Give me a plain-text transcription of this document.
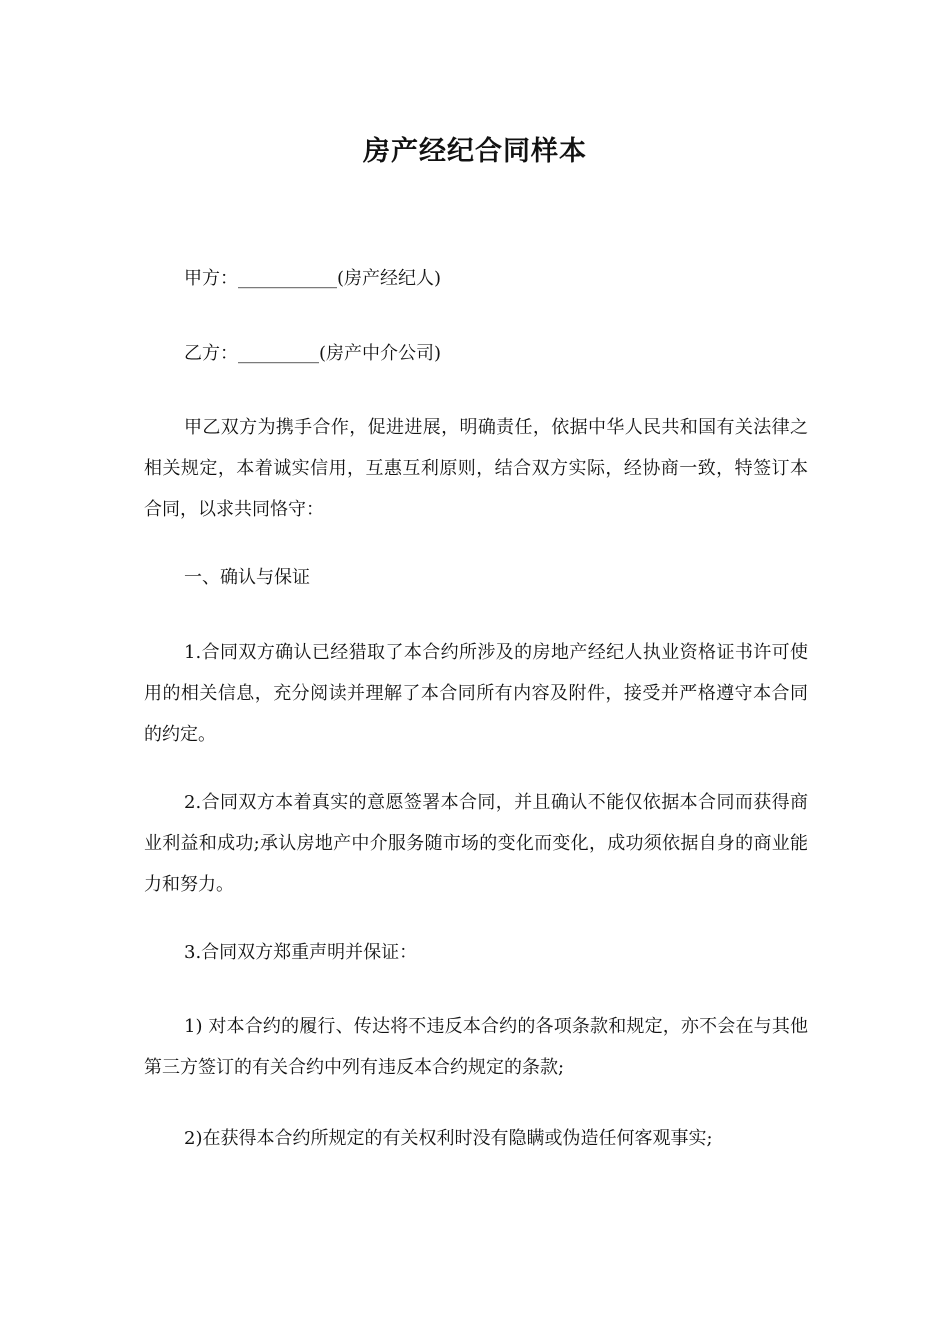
房产经纪合同样本
甲方：___________(房产经纪人)
乙方：_________(房产中介公司)
甲乙双方为携手合作，促进进展，明确责任，依据中华人民共和国有关法律之相关规定，本着诚实信用，互惠互利原则，结合双方实际，经协商一致，特签订本合同，以求共同恪守：
一、确认与保证
1.合同双方确认已经猎取了本合约所涉及的房地产经纪人执业资格证书许可使用的相关信息，充分阅读并理解了本合同所有内容及附件，接受并严格遵守本合同的约定。
2.合同双方本着真实的意愿签署本合同，并且确认不能仅依据本合同而获得商业利益和成功;承认房地产中介服务随市场的变化而变化，成功须依据自身的商业能力和努力。
3.合同双方郑重声明并保证：
1) 对本合约的履行、传达将不违反本合约的各项条款和规定，亦不会在与其他第三方签订的有关合约中列有违反本合约规定的条款;
2)在获得本合约所规定的有关权利时没有隐瞒或伪造任何客观事实;
